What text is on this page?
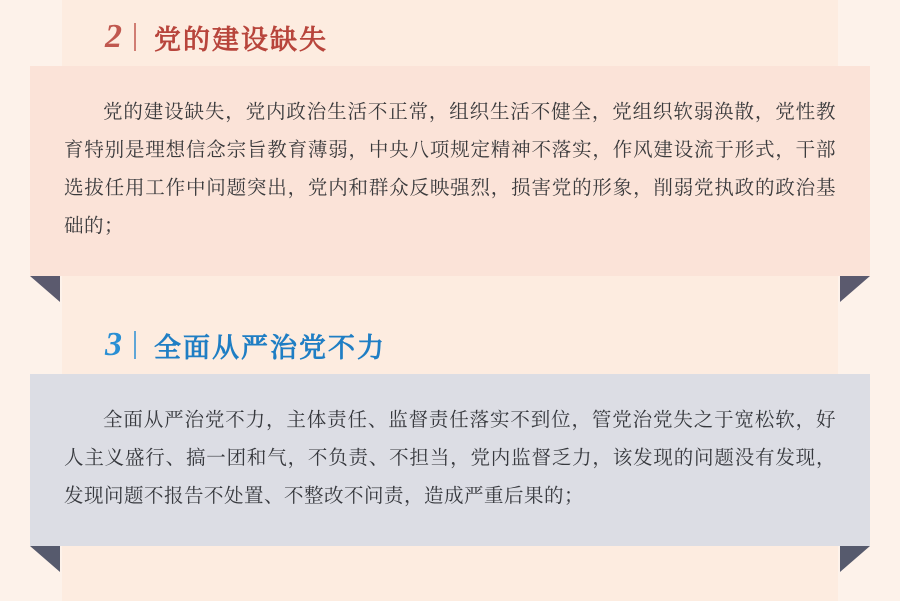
2 党的建设缺失

党的建设缺失，党内政治生活不正常，组织生活不健全，党组织软弱涣散，党性教育特别是理想信念宗旨教育薄弱，中央八项规定精神不落实，作风建设流于形式，干部选拔任用工作中问题突出，党内和群众反映强烈，损害党的形象，削弱党执政的政治基础的；

3 全面从严治党不力

全面从严治党不力，主体责任、监督责任落实不到位，管党治党失之于宽松软，好人主义盛行、搞一团和气，不负责、不担当，党内监督乏力，该发现的问题没有发现，发现问题不报告不处置、不整改不问责，造成严重后果的；
